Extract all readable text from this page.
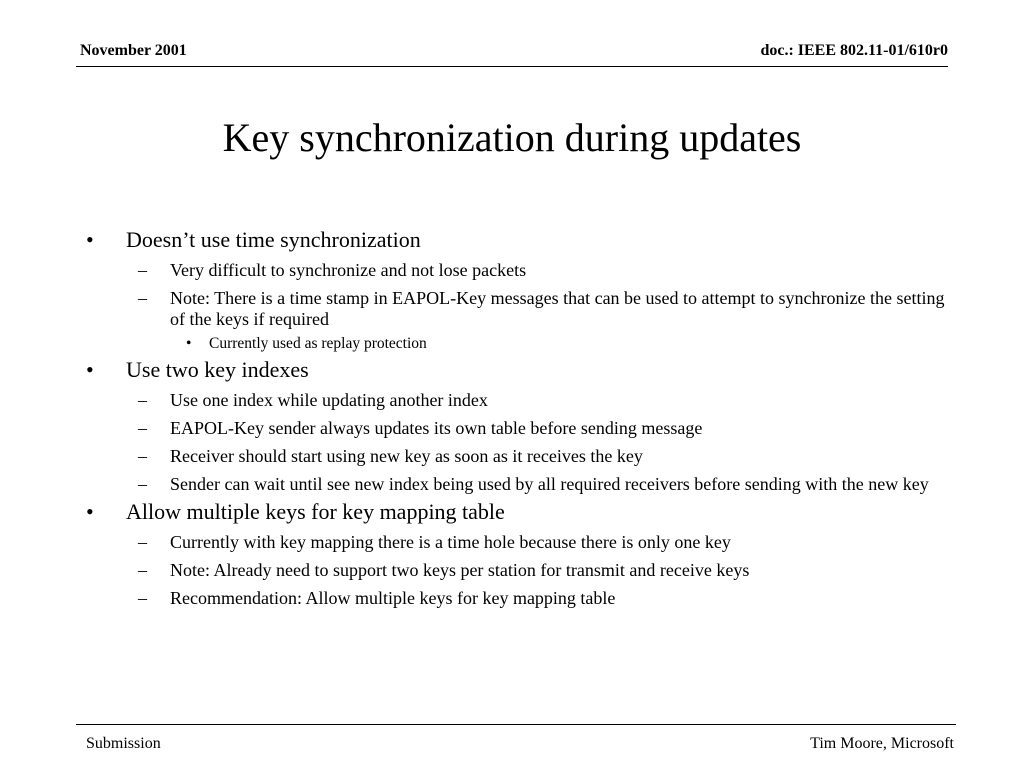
November 2001	doc.: IEEE 802.11-01/610r0
Key synchronization during updates
•	Doesn’t use time synchronization
– Very difficult to synchronize and not lose packets
– Note: There is a time stamp in EAPOL-Key messages that can be used to attempt to synchronize the setting of the keys if required
• Currently used as replay protection
•	Use two key indexes
– Use one index while updating another index
– EAPOL-Key sender always updates its own table before sending message
– Receiver should start using new key as soon as it receives the key
– Sender can wait until see new index being used by all required receivers before sending with the new key
•	Allow multiple keys for key mapping table
– Currently with key mapping there is a time hole because there is only one key
– Note: Already need to support two keys per station for transmit and receive keys
– Recommendation: Allow multiple keys for key mapping table
Submission	Tim Moore, Microsoft
